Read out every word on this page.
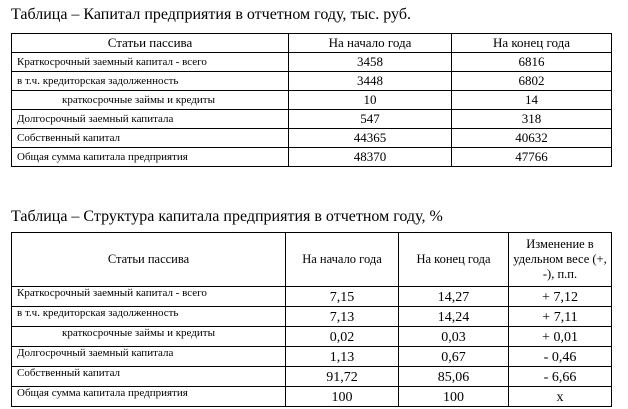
Таблица – Капитал предприятия в отчетном году, тыс. руб.
Статьи пассива	На начало года	На конец года
Краткосрочный заемный капитал - всего	3458	6816
в т.ч. кредиторская задолженность	3448	6802
краткосрочные займы и кредиты	10	14
Долгосрочный заемный капитала	547	318
Собственный капитал	44365	40632
Общая сумма капитала предприятия	48370	47766
Таблица – Структура капитала предприятия в отчетном году, %
Статьи пассива	На начало года	На конец года	Изменение в удельном весе (+, -), п.п.
Краткосрочный заемный капитал - всего	7,15	14,27	+ 7,12
в т.ч. кредиторская задолженность	7,13	14,24	+ 7,11
краткосрочные займы и кредиты	0,02	0,03	+ 0,01
Долгосрочный заемный капитала	1,13	0,67	- 0,46
Собственный капитал	91,72	85,06	- 6,66
Общая сумма капитала предприятия	100	100	x
